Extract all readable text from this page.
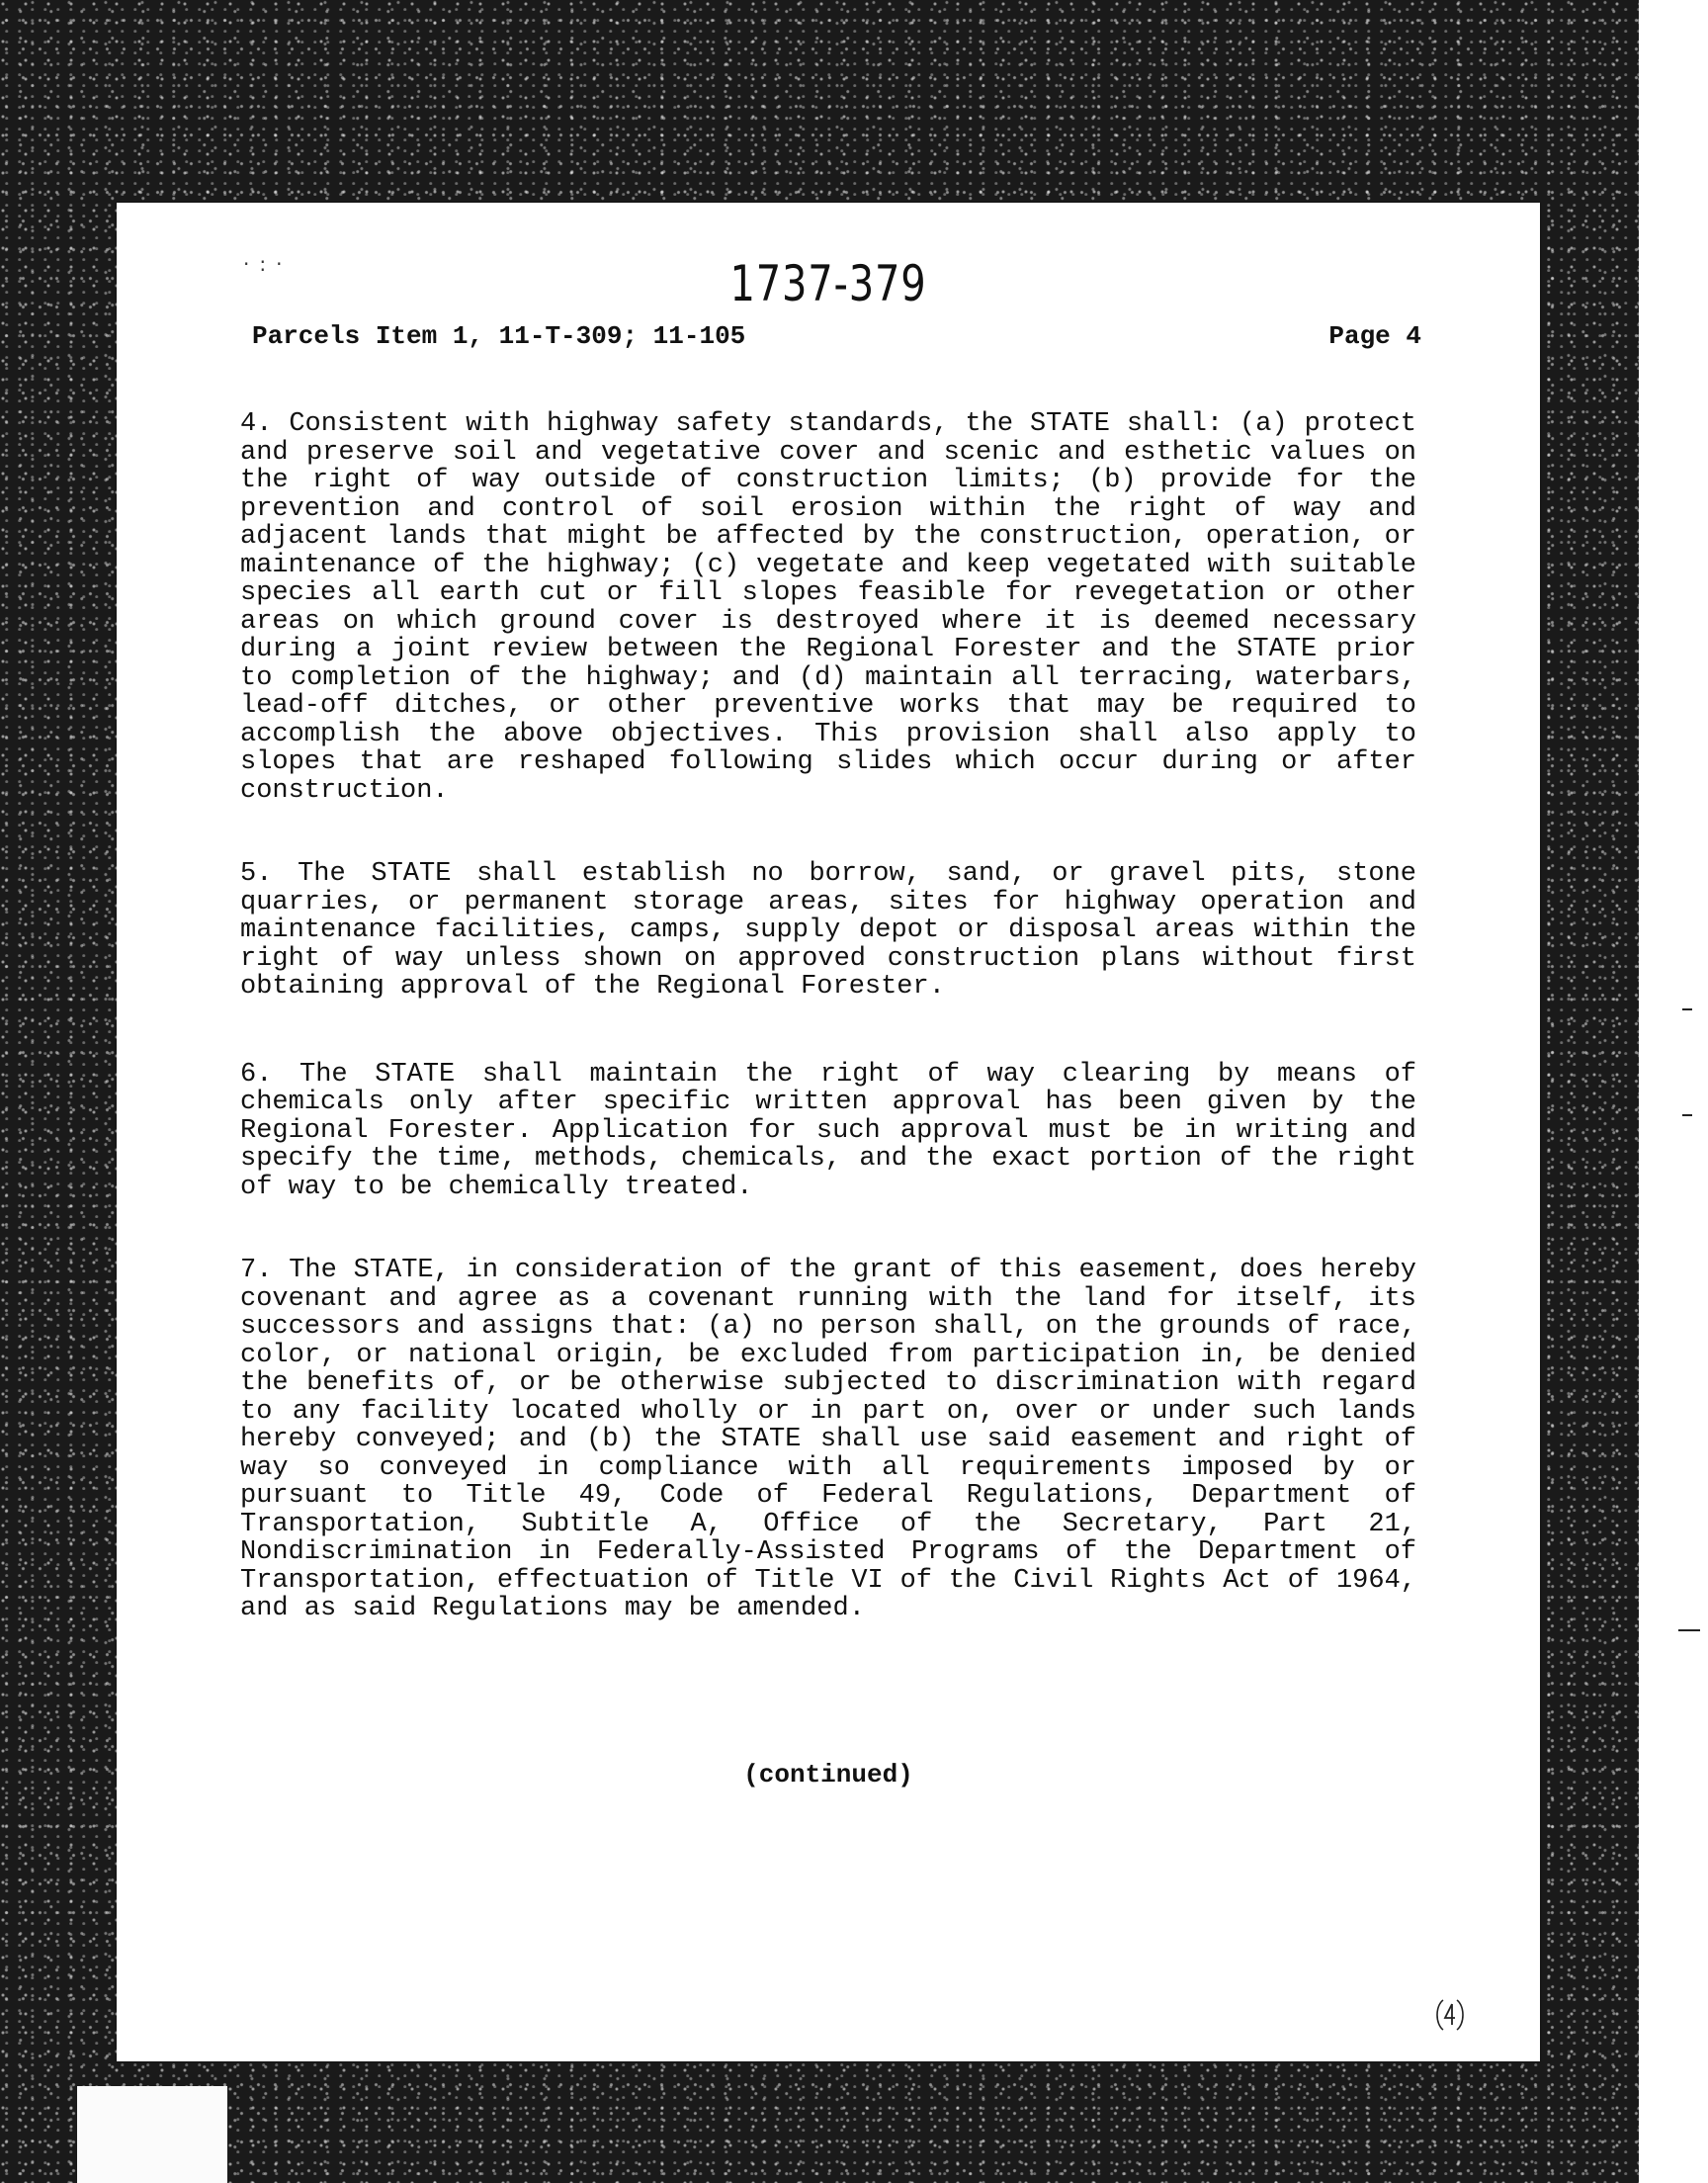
·:·	1737-379
Parcels Item 1, 11-T-309; 11-105	Page 4

4. Consistent with highway safety standards, the STATE shall: (a) protect and preserve soil and vegetative cover and scenic and esthetic values on the right of way outside of construction limits; (b) provide for the prevention and control of soil erosion within the right of way and adjacent lands that might be affected by the construction, operation, or maintenance of the highway; (c) vegetate and keep vegetated with suitable species all earth cut or fill slopes feasible for revegetation or other areas on which ground cover is destroyed where it is deemed necessary during a joint review between the Regional Forester and the STATE prior to completion of the highway; and (d) maintain all terracing, waterbars, lead-off ditches, or other preventive works that may be required to accomplish the above objectives. This provision shall also apply to slopes that are reshaped following slides which occur during or after construction.

5. The STATE shall establish no borrow, sand, or gravel pits, stone quarries, or permanent storage areas, sites for highway operation and maintenance facilities, camps, supply depot or disposal areas within the right of way unless shown on approved construction plans without first obtaining approval of the Regional Forester.

6. The STATE shall maintain the right of way clearing by means of chemicals only after specific written approval has been given by the Regional Forester. Application for such approval must be in writing and specify the time, methods, chemicals, and the exact portion of the right of way to be chemically treated.

7. The STATE, in consideration of the grant of this easement, does hereby covenant and agree as a covenant running with the land for itself, its successors and assigns that: (a) no person shall, on the grounds of race, color, or national origin, be excluded from participation in, be denied the benefits of, or be otherwise subjected to discrimination with regard to any facility located wholly or in part on, over or under such lands hereby conveyed; and (b) the STATE shall use said easement and right of way so conveyed in compliance with all requirements imposed by or pursuant to Title 49, Code of Federal Regulations, Department of Transportation, Subtitle A, Office of the Secretary, Part 21, Nondiscrimination in Federally-Assisted Programs of the Department of Transportation, effectuation of Title VI of the Civil Rights Act of 1964, and as said Regulations may be amended.

(continued)
